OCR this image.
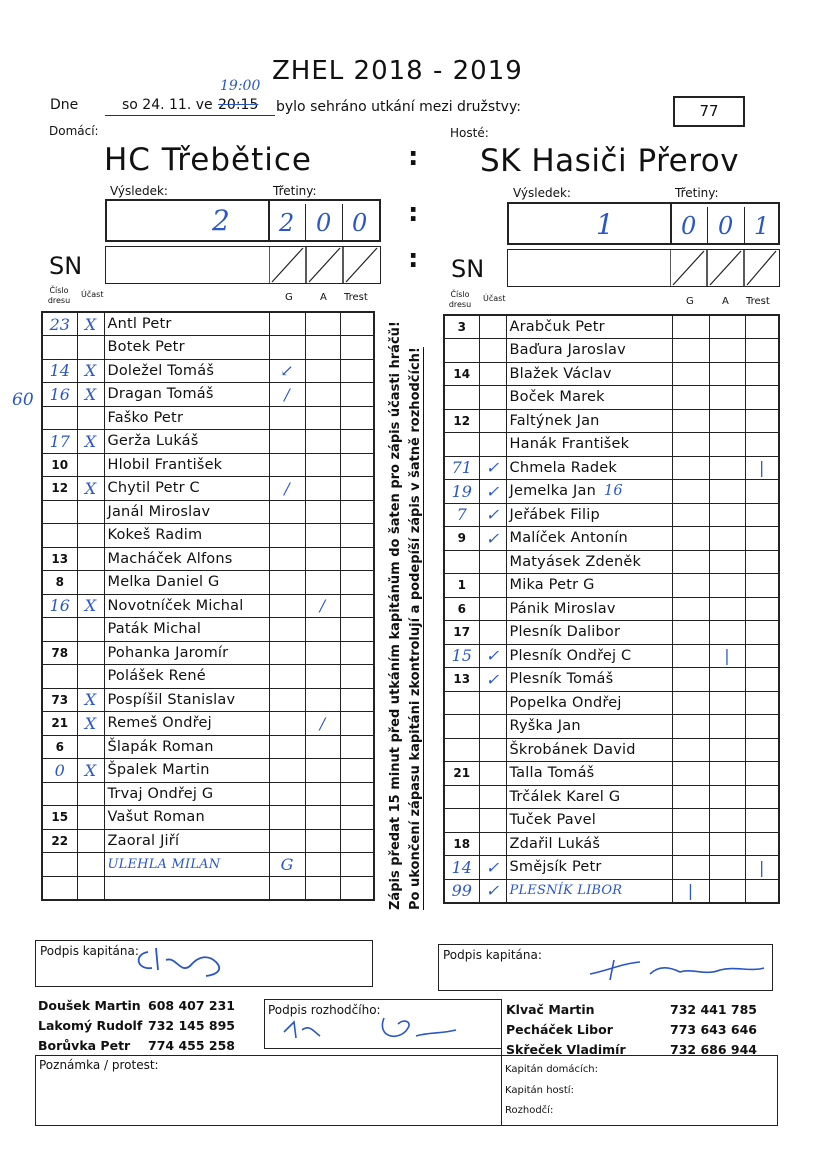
ZHEL 2018 - 2019
Dne	so 24. 11. ve 20:15
19:00
bylo sehráno utkání mezi družstvy:	77
Domácí:	Hosté:
HC Třebětice	SK Hasiči Přerov
:
:
:
Výsledek:	Třetiny:
2 2 0 0
SN
Výsledek:	Třetiny:
1	0 0 1
SN
Číslo dresu
Účast	G	A Trest	Číslo dresu
Účast	G	A Trest
23	X	Antl Petr			
		Botek Petr			
14	X	Doležel Tomáš	↙		
16	X	Dragan Tomáš	/		
		Faško Petr			
17	X	Gerža Lukáš			
10		Hlobil František			
12	X	Chytil Petr C	/		
		Janál Miroslav			
		Kokeš Radim			
13		Macháček Alfons			
8		Melka Daniel G			
16	X	Novotníček Michal		/	
		Paták Michal			
78		Pohanka Jaromír			
		Polášek René			
73	X	Pospíšil Stanislav			
21	X	Remeš Ondřej		/	
6		Šlapák Roman			
0	X	Špalek Martin			
		Trvaj Ondřej G			
15		Vašut Roman			
22		Zaoral Jiří			
		ULEHLA MILAN	G		

60
3		Arabčuk Petr			
		Baďura Jaroslav			
14		Blažek Václav			
		Boček Marek			
12		Faltýnek Jan			
		Hanák František			
71	✓	Chmela Radek			|
19	✓	Jemelka Jan 16			
7	✓	Jeřábek Filip			
9	✓	Malíček Antonín			
		Matyásek Zdeněk			
1		Mika Petr G			
6		Pánik Miroslav			
17		Plesník Dalibor			
15	✓	Plesník Ondřej C		|	
13	✓	Plesník Tomáš			
		Popelka Ondřej			
		Ryška Jan			
		Škrobánek David			
21		Talla Tomáš			
		Trčálek Karel G			
		Tuček Pavel			
18		Zdařil Lukáš			
14	✓	Smějsík Petr			|
99	✓	PLESNÍK LIBOR	|		
Zápis předat 15 minut před utkáním kapitánům do šaten pro zápis účasti hráčů! Po ukončení zápasu kapitáni zkontrolují a podepíší zápis v šatně rozhodčích!
Podpis kapitána:	Podpis kapitána:
Doušek Martin 608 407 231
Lakomý Rudolf 732 145 895
Borůvka Petr 774 455 258
Klvač Martin	732 441 785
Pecháček Libor	773 643 646
Skřeček Vladimír	732 686 944
Podpis rozhodčího:
Poznámka / protest:	Kapitán domácích:
Kapitán hostí:
Rozhodčí:
